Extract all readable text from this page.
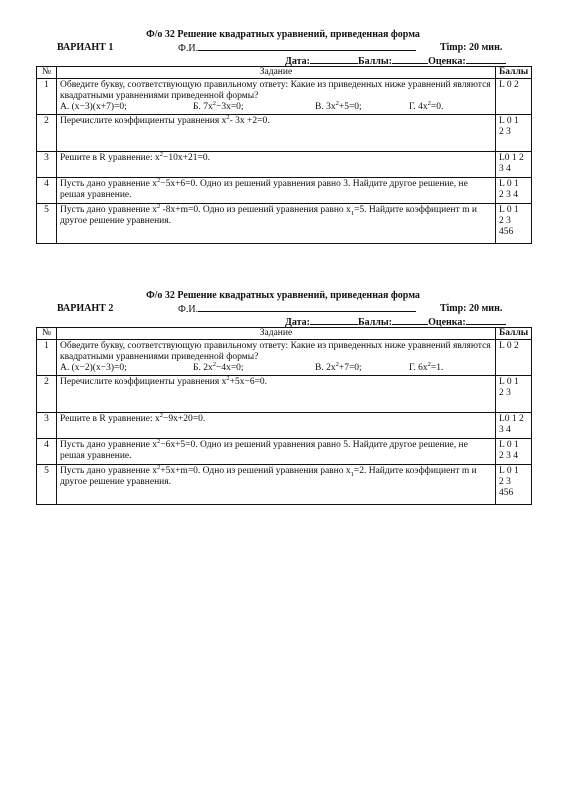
Ф/о 32 Решение квадратных уравнений, приведенная форма
ВАРИАНТ 1	Ф.И.	Timp: 20 мин.
Дата:	Баллы:	Оценка:
№	Задание	Баллы
1	Обведите букву, соответствующую правильному ответу: Какие из приведенных ниже уравнений являются квадратными уравнениями приведенной формы?
А. (x−3)(x+7)=0; Б. $7x^2-3x=0$; В. $3x^2+5=0$; Г. $4x^2=0$.	L 0 2
2	Перечислите коэффициенты уравнения $x^2-$ 3x +2=0.	L 0 1
2 3
3	Решите в R уравнение: $x^2-10x+21=0$.	L0 1 2
3 4
4	Пусть дано уравнение $x^2-5x+6=0$. Одно из решений уравнения равно 3. Найдите другое решение, не решая уравнение.	L 0 1
2 3 4
5	Пусть дано уравнение $x^2$ -8x+m=0. Одно из решений уравнения равно $x_1=5$. Найдите коэффициент m и другое решение уравнения.	L 0 1
2 3
456
Ф/о 32 Решение квадратных уравнений, приведенная форма
ВАРИАНТ 2	Ф.И.	Timp: 20 мин.
Дата:	Баллы:	Оценка:
№	Задание	Баллы
1	Обведите букву, соответствующую правильному ответу: Какие из приведенных ниже уравнений являются квадратными уравнениями приведенной формы?
А. (x−2)(x−3)=0; Б. $2x^2-4x=0$; В. $2x^2+7=0$; Г. $6x^2=1$.	L 0 2
2	Перечислите коэффициенты уравнения $x^2+5x-6=0$.	L 0 1
2 3
3	Решите в R уравнение: $x^2-9x+20=0$.	L0 1 2
3 4
4	Пусть дано уравнение $x^2-6x+5=0$. Одно из решений уравнения равно 5. Найдите другое решение, не решая уравнение.	L 0 1
2 3 4
5	Пусть дано уравнение $x^2+5x+m=0$. Одно из решений уравнения равно $x_1=2$. Найдите коэффициент m и другое решение уравнения.	L 0 1
2 3
456
